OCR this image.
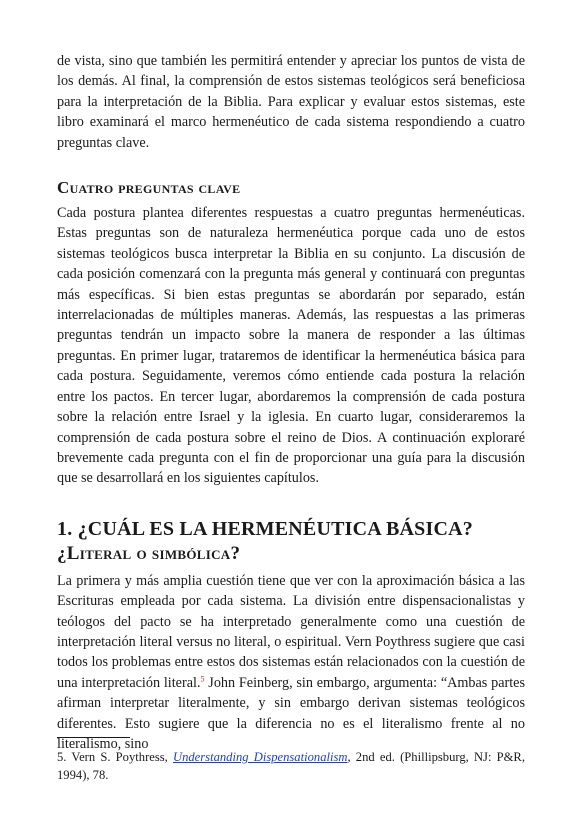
de vista, sino que también les permitirá entender y apreciar los puntos de vista de los demás. Al final, la comprensión de estos sistemas teológicos será beneficiosa para la interpretación de la Biblia. Para explicar y evaluar estos sistemas, este libro examinará el marco hermenéutico de cada sistema respondiendo a cuatro preguntas clave.

Cuatro preguntas clave

Cada postura plantea diferentes respuestas a cuatro preguntas hermenéuticas. Estas preguntas son de naturaleza hermenéutica porque cada uno de estos sistemas teológicos busca interpretar la Biblia en su conjunto. La discusión de cada posición comenzará con la pregunta más general y continuará con preguntas más específicas. Si bien estas preguntas se abordarán por separado, están interrelacionadas de múltiples maneras. Además, las respuestas a las primeras preguntas tendrán un impacto sobre la manera de responder a las últimas preguntas. En primer lugar, trataremos de identificar la hermenéutica básica para cada postura. Seguidamente, veremos cómo entiende cada postura la relación entre los pactos. En tercer lugar, abordaremos la comprensión de cada postura sobre la relación entre Israel y la iglesia. En cuarto lugar, consideraremos la comprensión de cada postura sobre el reino de Dios. A continuación exploraré brevemente cada pregunta con el fin de proporcionar una guía para la discusión que se desarrollará en los siguientes capítulos.

1. ¿CUÁL ES LA HERMENÉUTICA BÁSICA?
¿Literal o simbólica?

La primera y más amplia cuestión tiene que ver con la aproximación básica a las Escrituras empleada por cada sistema. La división entre dispensacionalistas y teólogos del pacto se ha interpretado generalmente como una cuestión de interpretación literal versus no literal, o espiritual. Vern Poythress sugiere que casi todos los problemas entre estos dos sistemas están relacionados con la cuestión de una interpretación literal.$^5$ John Feinberg, sin embargo, argumenta: “Ambas partes afirman interpretar literalmente, y sin embargo derivan sistemas teológicos diferentes. Esto sugiere que la diferencia no es el literalismo frente al no literalismo, sino

5. Vern S. Poythress, Understanding Dispensationalism, 2nd ed. (Phillipsburg, NJ: P&R, 1994), 78.
